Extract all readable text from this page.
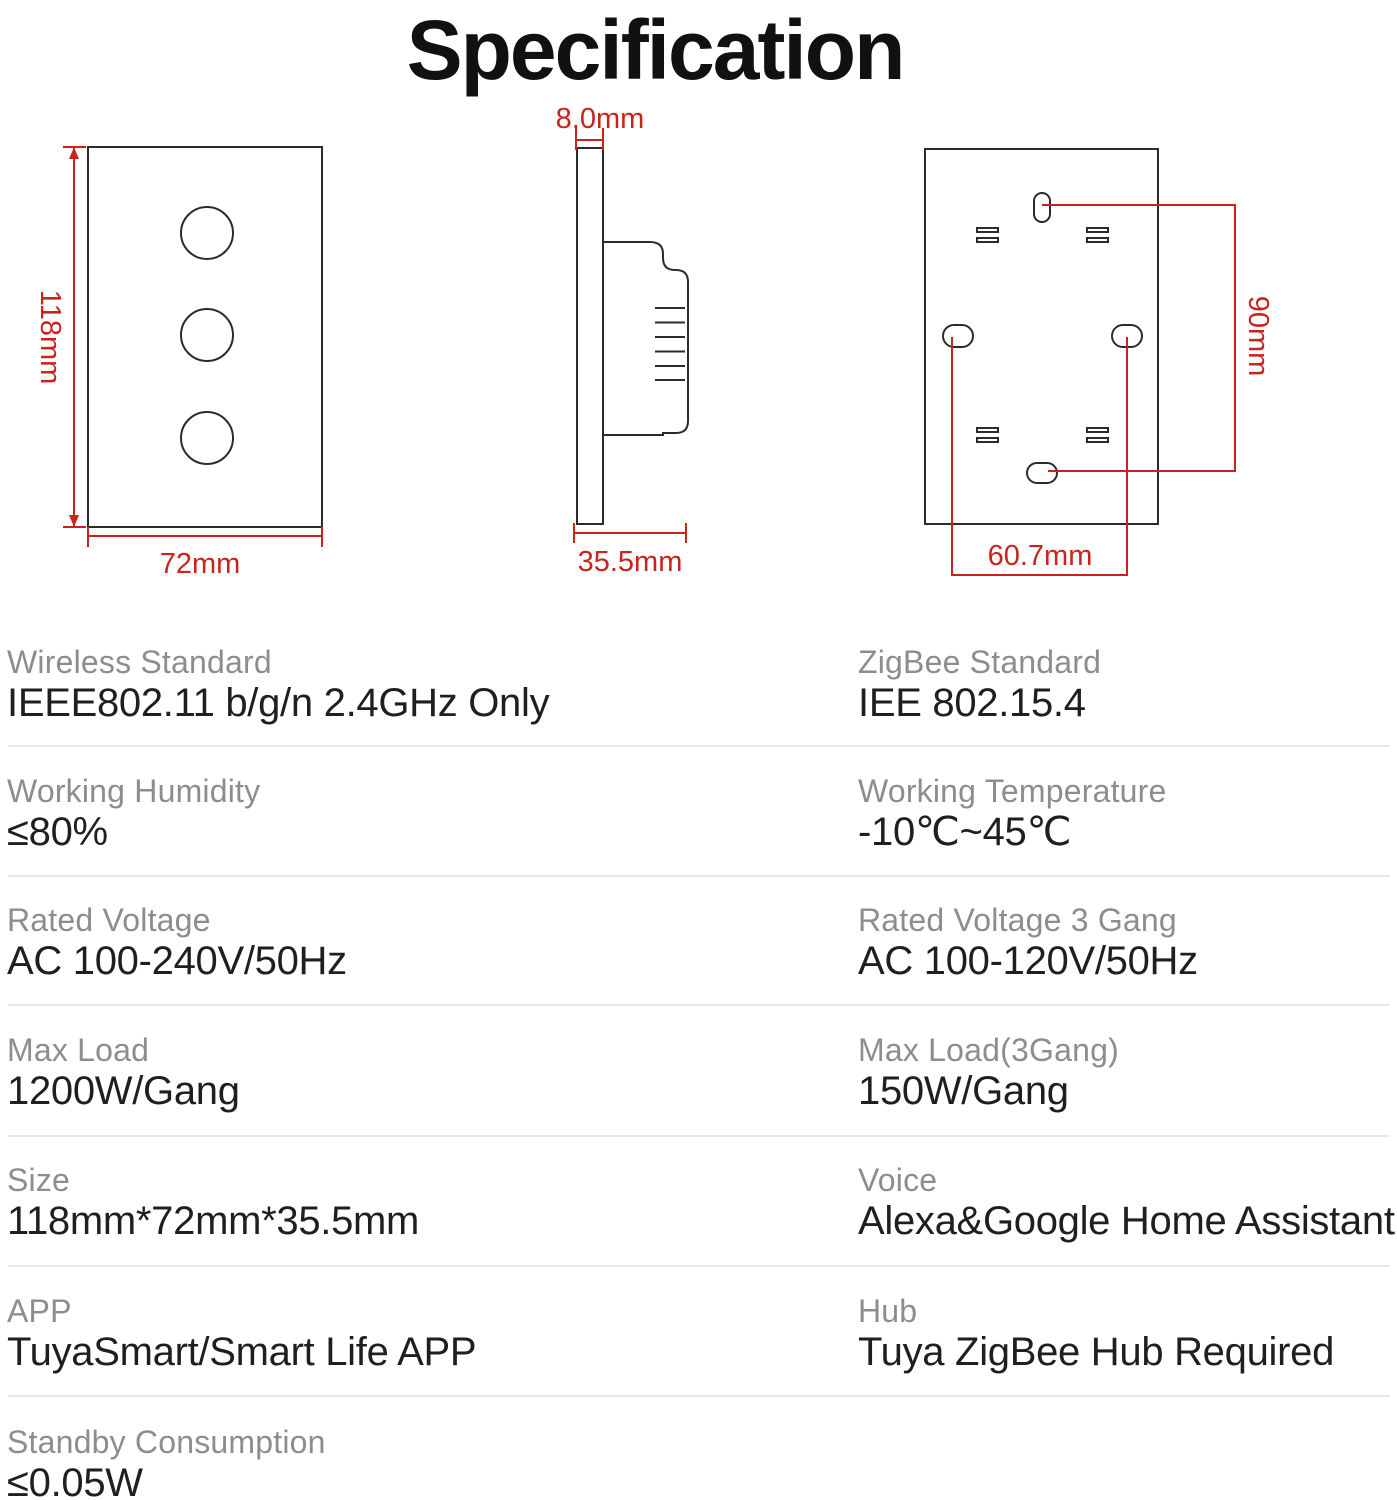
Specification
118mm
72mm
8.0mm
35.5mm
90mm
60.7mm
Wireless Standard
IEEE802.11 b/g/n 2.4GHz Only
ZigBee Standard
IEE 802.15.4
Working Humidity
≤80%
Working Temperature
-10℃~45℃
Rated Voltage
AC 100-240V/50Hz
Rated Voltage 3 Gang
AC 100-120V/50Hz
Max Load
1200W/Gang
Max Load(3Gang)
150W/Gang
Size
118mm*72mm*35.5mm
Voice
Alexa&Google Home Assistant
APP
TuyaSmart/Smart Life APP
Hub
Tuya ZigBee Hub Required
Standby Consumption
≤0.05W
